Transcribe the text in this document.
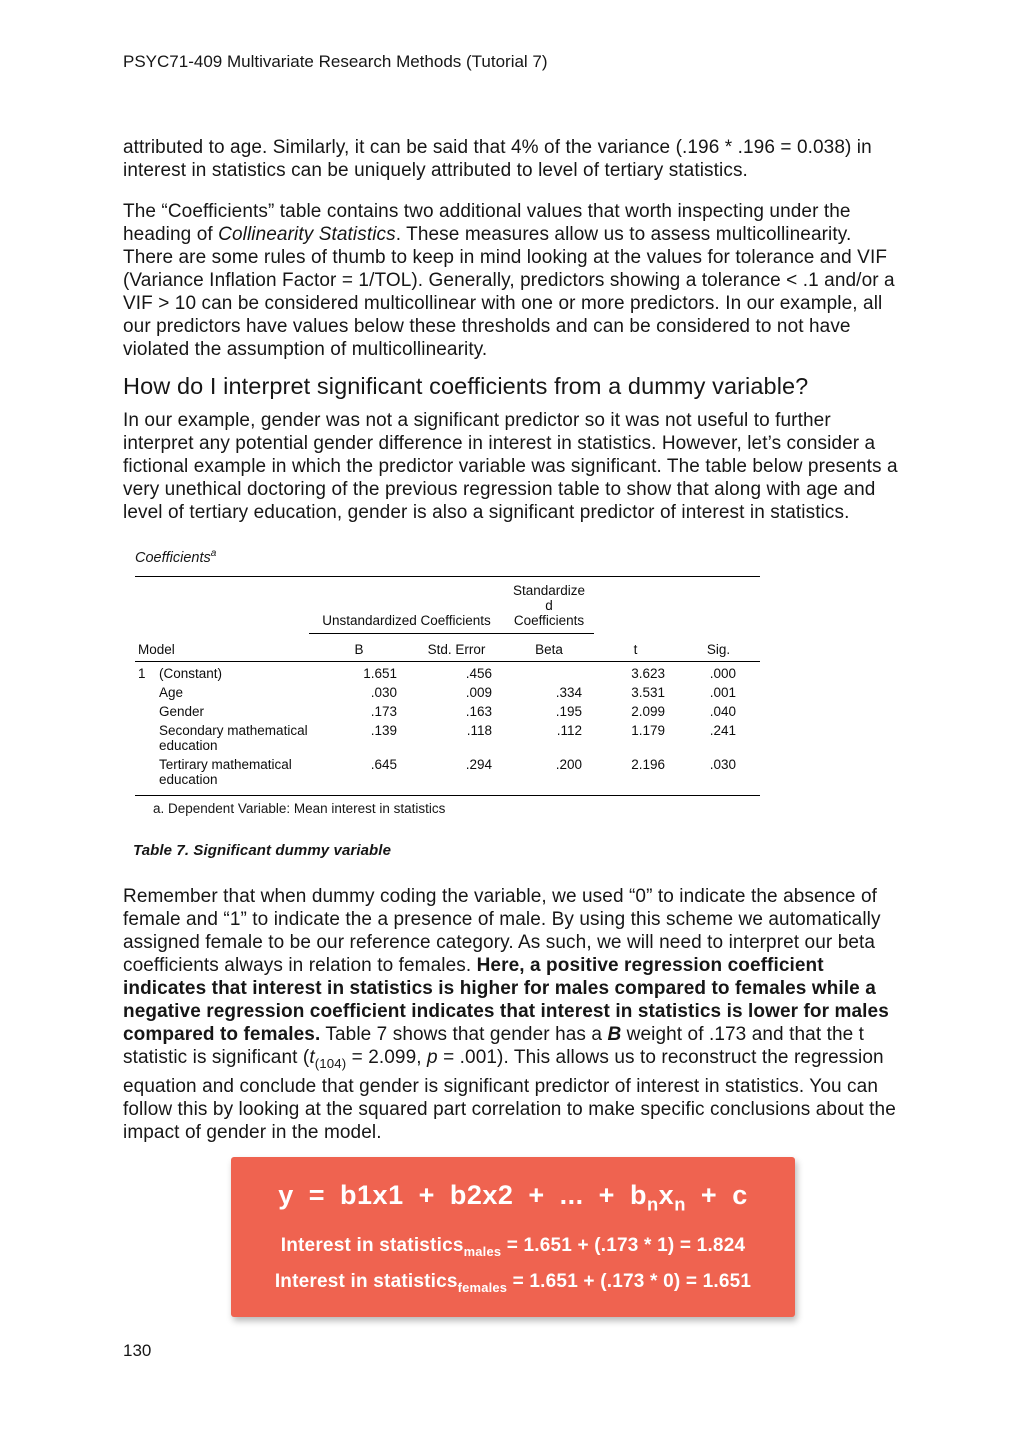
PSYC71-409 Multivariate Research Methods (Tutorial 7)

attributed to age. Similarly, it can be said that 4% of the variance (.196 * .196 = 0.038) in interest in statistics can be uniquely attributed to level of tertiary statistics.

The “Coefficients” table contains two additional values that worth inspecting under the heading of Collinearity Statistics. These measures allow us to assess multicollinearity. There are some rules of thumb to keep in mind looking at the values for tolerance and VIF (Variance Inflation Factor = 1/TOL). Generally, predictors showing a tolerance < .1 and/or a VIF > 10 can be considered multicollinear with one or more predictors. In our example, all our predictors have values below these thresholds and can be considered to not have violated the assumption of multicollinearity.

How do I interpret significant coefficients from a dummy variable?

In our example, gender was not a significant predictor so it was not useful to further interpret any potential gender difference in interest in statistics. However, let’s consider a fictional example in which the predictor variable was significant. The table below presents a very unethical doctoring of the previous regression table to show that along with age and level of tertiary education, gender is also a significant predictor of interest in statistics.

Coefficients$^a$
		Unstandardized Coefficients		Standardize
d
Coefficients		
Model		B	Std. Error	Beta	t	Sig.
1	(Constant)	1.651	.456		3.623	.000
	Age	.030	.009	.334	3.531	.001
	Gender	.173	.163	.195	2.099	.040
	Secondary mathematical education	.139	.118	.112	1.179	.241
	Tertirary mathematical education	.645	.294	.200	2.196	.030
a. Dependent Variable: Mean interest in statistics
Table 7. Significant dummy variable

Remember that when dummy coding the variable, we used “0” to indicate the absence of female and “1” to indicate the a presence of male. By using this scheme we automatically assigned female to be our reference category. As such, we will need to interpret our beta coefficients always in relation to females. Here, a positive regression coefficient indicates that interest in statistics is higher for males compared to females while a negative regression coefficient indicates that interest in statistics is lower for males compared to females. Table 7 shows that gender has a B weight of .173 and that the t statistic is significant ($t_{(104)} = 2.099$, p = .001). This allows us to reconstruct the regression equation and conclude that gender is significant predictor of interest in statistics. You can follow this by looking at the squared part correlation to make specific conclusions about the impact of gender in the model.

y = b1x1 + b2x2 + ... + $b_nx_n + c$
Interest in statistics$_{males}$ = 1.651 + (.173 * 1) = 1.824
Interest in statistics$_{females}$ = 1.651 + (.173 * 0) = 1.651
130
